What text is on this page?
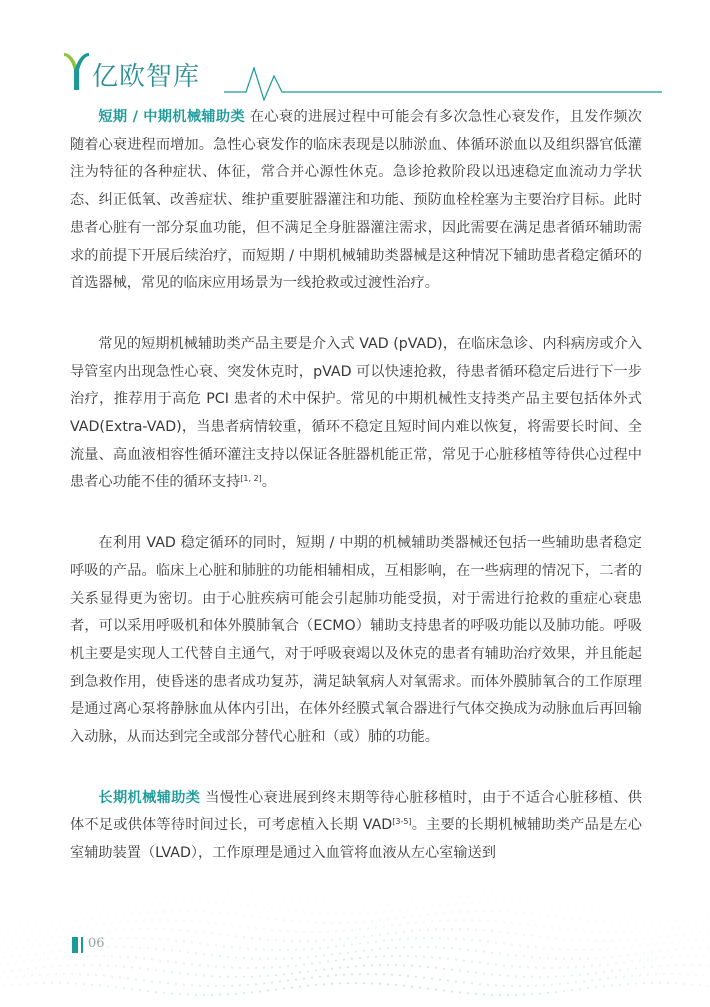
亿欧智库

短期 / 中期机械辅助类 在心衰的进展过程中可能会有多次急性心衰发作，且发作频次随着心衰进程而增加。急性心衰发作的临床表现是以肺淤血、体循环淤血以及组织器官低灌注为特征的各种症状、体征，常合并心源性休克。急诊抢救阶段以迅速稳定血流动力学状态、纠正低氧、改善症状、维护重要脏器灌注和功能、预防血栓栓塞为主要治疗目标。此时患者心脏有一部分泵血功能，但不满足全身脏器灌注需求，因此需要在满足患者循环辅助需求的前提下开展后续治疗，而短期 / 中期机械辅助类器械是这种情况下辅助患者稳定循环的首选器械，常见的临床应用场景为一线抢救或过渡性治疗。

常见的短期机械辅助类产品主要是介入式 VAD (pVAD)，在临床急诊、内科病房或介入导管室内出现急性心衰、突发休克时，pVAD 可以快速抢救，待患者循环稳定后进行下一步治疗，推荐用于高危 PCI 患者的术中保护。常见的中期机械性支持类产品主要包括体外式 VAD(Extra-VAD)，当患者病情较重，循环不稳定且短时间内难以恢复，将需要长时间、全流量、高血液相容性循环灌注支持以保证各脏器机能正常，常见于心脏移植等待供心过程中患者心功能不佳的循环支持[1, 2]。

在利用 VAD 稳定循环的同时，短期 / 中期的机械辅助类器械还包括一些辅助患者稳定呼吸的产品。临床上心脏和肺脏的功能相辅相成，互相影响，在一些病理的情况下，二者的关系显得更为密切。由于心脏疾病可能会引起肺功能受损，对于需进行抢救的重症心衰患者，可以采用呼吸机和体外膜肺氧合（ECMO）辅助支持患者的呼吸功能以及肺功能。呼吸机主要是实现人工代替自主通气，对于呼吸衰竭以及休克的患者有辅助治疗效果，并且能起到急救作用，使昏迷的患者成功复苏，满足缺氧病人对氧需求。而体外膜肺氧合的工作原理是通过离心泵将静脉血从体内引出，在体外经膜式氧合器进行气体交换成为动脉血后再回输入动脉，从而达到完全或部分替代心脏和（或）肺的功能。

长期机械辅助类 当慢性心衰进展到终末期等待心脏移植时，由于不适合心脏移植、供体不足或供体等待时间过长，可考虑植入长期 VAD[3-5]。主要的长期机械辅助类产品是左心室辅助装置（LVAD），工作原理是通过入血管将血液从左心室输送到

06
